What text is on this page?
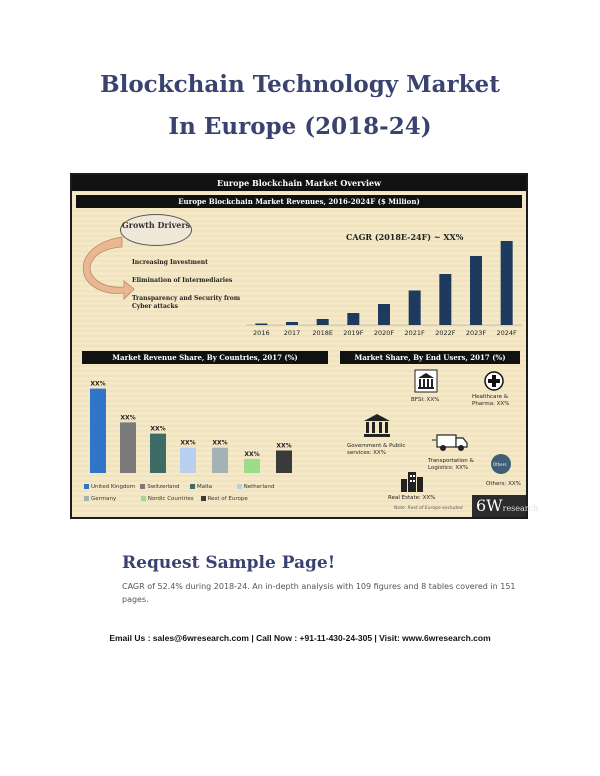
Blockchain Technology Market
In Europe (2018-24)
Europe Blockchain Market Overview
Europe Blockchain Market Revenues, 2016-2024F ($ Million)
Growth Drivers
Increasing Investment
Elimination of Intermediaries
Transparency and Security from Cyber attacks
CAGR (2018E-24F) ~ XX%
2016 2017 2018E 2019F 2020F 2021F 2022F 2023F 2024F
Market Revenue Share, By Countries, 2017 (%)	Market Share, By End Users, 2017 (%)
XX%
XX%
XX%
XX%	XX%
XX%
XX%
United Kingdom Switzerland	Malta	Netherland
Germany	Nordic Countries	Rest of Europe
BFSI: XX%	Healthcare & Pharma: XX%
Government & Public services: XX%
Transportation & Logistics: XX%
Others
Real Estate: XX%
Others: XX%
Note: Rest of Europe excluded 6Wresearch
Request Sample Page!
CAGR of 52.4% during 2018-24. An in-depth analysis with 109 figures and 8 tables covered in 151 pages.
Email Us : sales@6wresearch.com | Call Now : +91-11-430-24-305 | Visit: www.6wresearch.com
